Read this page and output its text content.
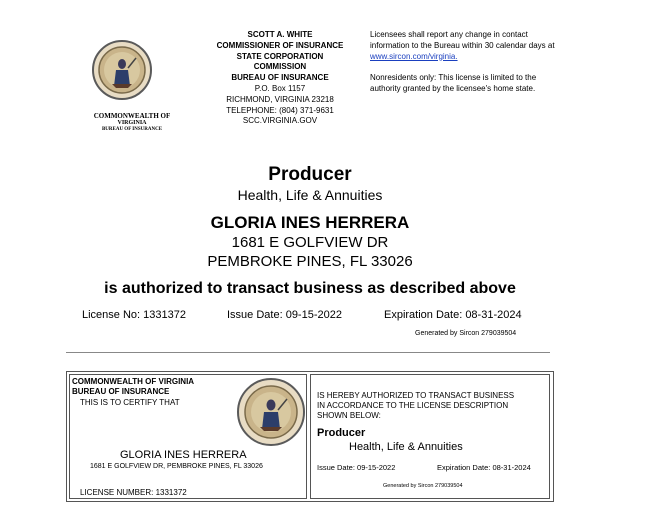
COMMONWEALTH OF
VIRGINIA
BUREAU OF INSURANCE
SCOTT A. WHITE
COMMISSIONER OF INSURANCE
STATE CORPORATION
COMMISSION
BUREAU OF INSURANCE
P.O. Box 1157
RICHMOND, VIRGINIA 23218
TELEPHONE: (804) 371-9631
SCC.VIRGINIA.GOV
Licensees shall report any change in contact
information to the Bureau within 30 calendar days at
www.sircon.com/virginia.
Nonresidents only: This license is limited to the
authority granted by the licensee's home state.
Producer
Health, Life & Annuities
GLORIA INES HERRERA
1681 E GOLFVIEW DR
PEMBROKE PINES, FL 33026
is authorized to transact business as described above
License No: 1331372	Issue Date: 09-15-2022	Expiration Date: 08-31-2024
Generated by Sircon 279039504
COMMONWEALTH OF VIRGINIA
BUREAU OF INSURANCE
THIS IS TO CERTIFY THAT
GLORIA INES HERRERA
1681 E GOLFVIEW DR, PEMBROKE PINES, FL 33026
LICENSE NUMBER: 1331372
IS HEREBY AUTHORIZED TO TRANSACT BUSINESS
IN ACCORDANCE TO THE LICENSE DESCRIPTION
SHOWN BELOW:
Producer
Health, Life & Annuities
Issue Date: 09-15-2022	Expiration Date: 08-31-2024
Generated by Sircon 279039504
